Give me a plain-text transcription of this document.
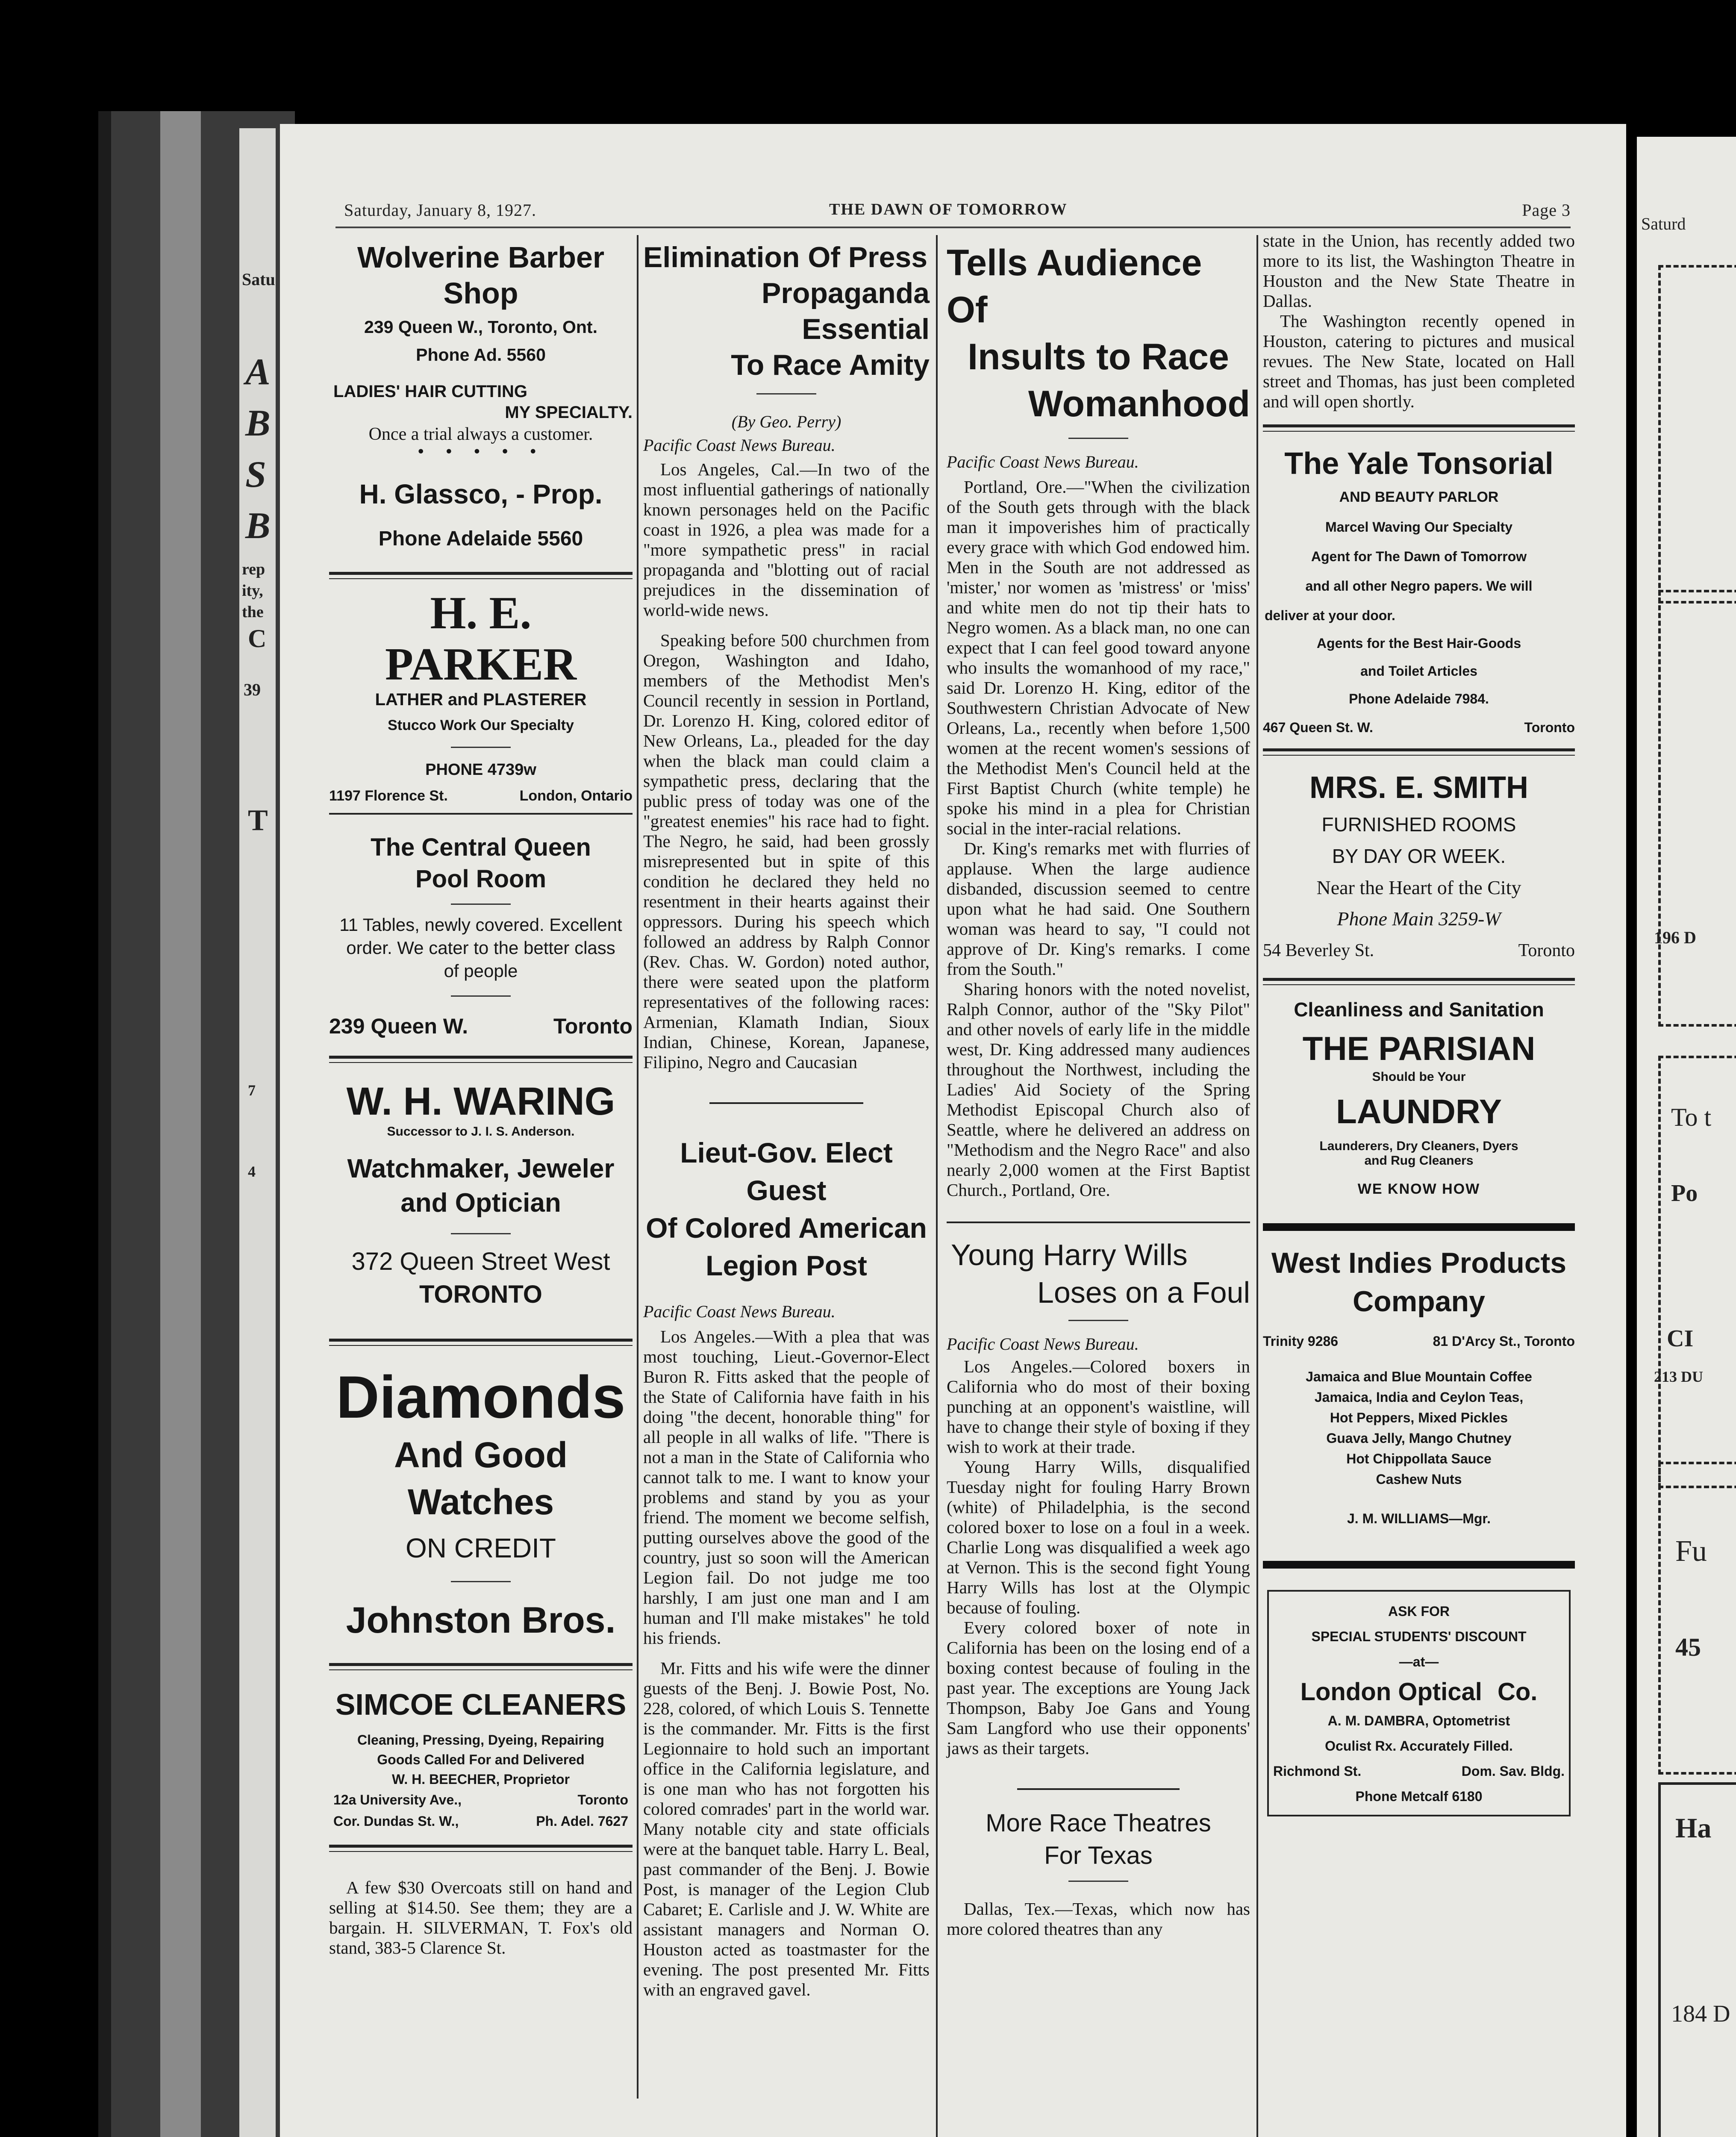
Satu
A
B
S
B
rep
ity,
the
C
39
T
7
4
Saturd
196 D
To t
Po
CI
213 DU
Fu
45
Ha
184 D
Saturday, January 8, 1927.	THE DAWN OF TOMORROW	Page 3
Wolverine Barber Shop
239 Queen W., Toronto, Ont.
Phone Ad. 5560
LADIES' HAIR CUTTING
MY SPECIALTY.
Once a trial always a customer.
• • • • •
H. Glassco, - Prop.
Phone Adelaide 5560
H. E. PARKER
LATHER and PLASTERER
Stucco Work Our Specialty
PHONE 4739w
1197 Florence St.	London, Ontario
The Central Queen
Pool Room
11 Tables, newly covered. Excellent order. We cater to the better class of people
239 Queen W.	Toronto
W. H. WARING
Successor to J. I. S. Anderson.
Watchmaker, Jeweler
and Optician
372 Queen Street West
TORONTO
Diamonds
And Good Watches
ON CREDIT
Johnston Bros.
SIMCOE CLEANERS
Cleaning, Pressing, Dyeing, Repairing
Goods Called For and Delivered
W. H. BEECHER, Proprietor
12a University Ave.,	Toronto
Cor. Dundas St. W.,	Ph. Adel. 7627

A few $30 Overcoats still on hand and selling at $14.50. See them; they are a bargain. H. SILVERMAN, T. Fox's old stand, 383-5 Clarence St.

Elimination Of Press
Propaganda Essential
To Race Amity
(By Geo. Perry)
Pacific Coast News Bureau.

Los Angeles, Cal.—In two of the most influential gatherings of nationally known personages held on the Pacific coast in 1926, a plea was made for a "more sympathetic press" in racial propaganda and "blotting out of racial prejudices in the dissemination of world-wide news.

Speaking before 500 churchmen from Oregon, Washington and Idaho, members of the Methodist Men's Council recently in session in Portland, Dr. Lorenzo H. King, colored editor of New Orleans, La., pleaded for the day when the black man could claim a sympathetic press, declaring that the public press of today was one of the "greatest enemies" his race had to fight. The Negro, he said, had been grossly misrepresented but in spite of this condition he declared they held no resentment in their hearts against their oppressors. During his speech which followed an address by Ralph Connor (Rev. Chas. W. Gordon) noted author, there were seated upon the platform representatives of the following races: Armenian, Klamath Indian, Sioux Indian, Chinese, Korean, Japanese, Filipino, Negro and Caucasian

Lieut-Gov. Elect Guest
Of Colored American
Legion Post
Pacific Coast News Bureau.

Los Angeles.—With a plea that was most touching, Lieut.-Governor-Elect Buron R. Fitts asked that the people of the State of California have faith in his doing "the decent, honorable thing" for all people in all walks of life. "There is not a man in the State of California who cannot talk to me. I want to know your problems and stand by you as your friend. The moment we become selfish, putting ourselves above the good of the country, just so soon will the American Legion fail. Do not judge me too harshly, I am just one man and I am human and I'll make mistakes" he told his friends.

Mr. Fitts and his wife were the dinner guests of the Benj. J. Bowie Post, No. 228, colored, of which Louis S. Tennette is the commander. Mr. Fitts is the first Legionnaire to hold such an important office in the California legislature, and is one man who has not forgotten his colored comrades' part in the world war. Many notable city and state officials were at the banquet table. Harry L. Beal, past commander of the Benj. J. Bowie Post, is manager of the Legion Club Cabaret; E. Carlisle and J. W. White are assistant managers and Norman O. Houston acted as toastmaster for the evening. The post presented Mr. Fitts with an engraved gavel.

Tells Audience Of
Insults to Race
Womanhood
Pacific Coast News Bureau.

Portland, Ore.—"When the civilization of the South gets through with the black man it impoverishes him of practically every grace with which God endowed him. Men in the South are not addressed as 'mister,' nor women as 'mistress' or 'miss' and white men do not tip their hats to Negro women. As a black man, no one can expect that I can feel good toward anyone who insults the womanhood of my race," said Dr. Lorenzo H. King, editor of the Southwestern Christian Advocate of New Orleans, La., recently when before 1,500 women at the recent women's sessions of the Methodist Men's Council held at the First Baptist Church (white temple) he spoke his mind in a plea for Christian social in the inter-racial relations.

Dr. King's remarks met with flurries of applause. When the large audience disbanded, discussion seemed to centre upon what he had said. One Southern woman was heard to say, "I could not approve of Dr. King's remarks. I come from the South."

Sharing honors with the noted novelist, Ralph Connor, author of the "Sky Pilot" and other novels of early life in the middle west, Dr. King addressed many audiences throughout the Northwest, including the Ladies' Aid Society of the Spring Methodist Episcopal Church also of Seattle, where he delivered an address on "Methodism and the Negro Race" and also nearly 2,000 women at the First Baptist Church., Portland, Ore.

Young Harry Wills
Loses on a Foul
Pacific Coast News Bureau.

Los Angeles.—Colored boxers in California who do most of their boxing punching at an opponent's waistline, will have to change their style of boxing if they wish to work at their trade.

Young Harry Wills, disqualified Tuesday night for fouling Harry Brown (white) of Philadelphia, is the second colored boxer to lose on a foul in a week. Charlie Long was disqualified a week ago at Vernon. This is the second fight Young Harry Wills has lost at the Olympic because of fouling.

Every colored boxer of note in California has been on the losing end of a boxing contest because of fouling in the past year. The exceptions are Young Jack Thompson, Baby Joe Gans and Young Sam Langford who use their opponents' jaws as their targets.

More Race Theatres
For Texas

Dallas, Tex.—Texas, which now has more colored theatres than any

state in the Union, has recently added two more to its list, the Washington Theatre in Houston and the New State Theatre in Dallas.

The Washington recently opened in Houston, catering to pictures and musical revues. The New State, located on Hall street and Thomas, has just been completed and will open shortly.

The Yale Tonsorial
AND BEAUTY PARLOR
Marcel Waving Our Specialty
Agent for The Dawn of Tomorrow
and all other Negro papers. We will
deliver at your door.
Agents for the Best Hair-Goods
and Toilet Articles
Phone Adelaide 7984.
467 Queen St. W.	Toronto
MRS. E. SMITH
FURNISHED ROOMS
BY DAY OR WEEK.
Near the Heart of the City
Phone Main 3259-W
54 Beverley St.	Toronto
Cleanliness and Sanitation
THE PARISIAN
Should be Your
LAUNDRY
Launderers, Dry Cleaners, Dyers
and Rug Cleaners
WE KNOW HOW
West Indies Products
Company
Trinity 9286	81 D'Arcy St., Toronto
Jamaica and Blue Mountain Coffee
Jamaica, India and Ceylon Teas,
Hot Peppers, Mixed Pickles
Guava Jelly, Mango Chutney
Hot Chippollata Sauce
Cashew Nuts
J. M. WILLIAMS—Mgr.
ASK FOR
SPECIAL STUDENTS' DISCOUNT
—at—
London Optical Co.
A. M. DAMBRA, Optometrist
Oculist Rx. Accurately Filled.
Richmond St.	Dom. Sav. Bldg.
Phone Metcalf 6180
